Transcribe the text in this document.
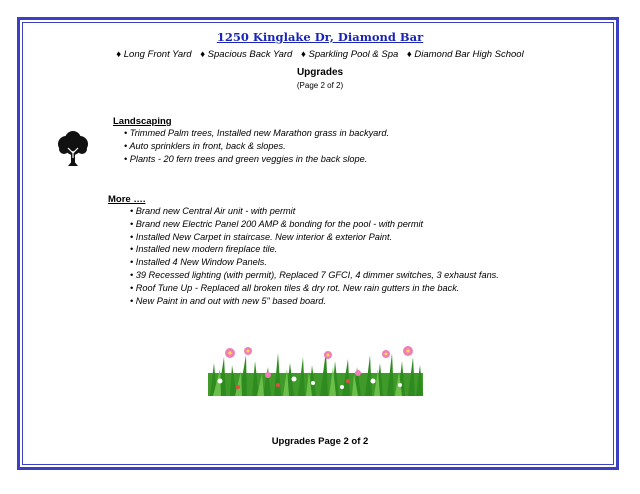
1250 Kinglake Dr, Diamond Bar
♦ Long Front Yard ♦ Spacious Back Yard ♦ Sparkling Pool & Spa ♦ Diamond Bar High School
Upgrades
(Page 2 of 2)
Landscaping
• Trimmed Palm trees, Installed new Marathon grass in backyard.
• Auto sprinklers in front, back & slopes.
• Plants - 20 fern trees and green veggies in the back slope.
More ….
• Brand new Central Air unit - with permit
• Brand new Electric Panel 200 AMP & bonding for the pool - with permit
• Installed New Carpet in staircase. New interior & exterior Paint.
• Installed new modern fireplace tile.
• Installed 4 New Window Panels.
• 39 Recessed lighting (with permit), Replaced 7 GFCI, 4 dimmer switches, 3 exhaust fans.
• Roof Tune Up - Replaced all broken tiles & dry rot. New rain gutters in the back.
• New Paint in and out with new 5" based board.
Upgrades Page 2 of 2
